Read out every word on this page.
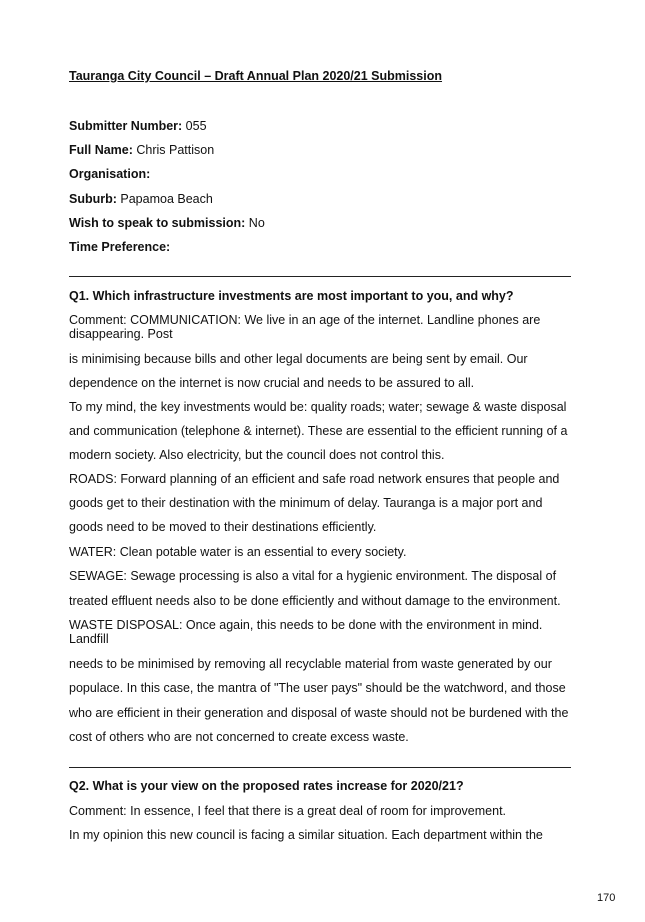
Tauranga City Council – Draft Annual Plan 2020/21 Submission
Submitter Number: 055
Full Name: Chris Pattison
Organisation:
Suburb: Papamoa Beach
Wish to speak to submission: No
Time Preference:
Q1. Which infrastructure investments are most important to you, and why?
Comment: COMMUNICATION: We live in an age of the internet. Landline phones are disappearing. Post
is minimising because bills and other legal documents are being sent by email. Our
dependence on the internet is now crucial and needs to be assured to all.
To my mind, the key investments would be: quality roads; water; sewage & waste disposal
and communication (telephone & internet). These are essential to the efficient running of a
modern society. Also electricity, but the council does not control this.
ROADS: Forward planning of an efficient and safe road network ensures that people and
goods get to their destination with the minimum of delay. Tauranga is a major port and
goods need to be moved to their destinations efficiently.
WATER: Clean potable water is an essential to every society.
SEWAGE: Sewage processing is also a vital for a hygienic environment. The disposal of
treated effluent needs also to be done efficiently and without damage to the environment.
WASTE DISPOSAL: Once again, this needs to be done with the environment in mind. Landfill
needs to be minimised by removing all recyclable material from waste generated by our
populace. In this case, the mantra of "The user pays" should be the watchword, and those
who are efficient in their generation and disposal of waste should not be burdened with the
cost of others who are not concerned to create excess waste.
Q2. What is your view on the proposed rates increase for 2020/21?
Comment: In essence, I feel that there is a great deal of room for improvement.
In my opinion this new council is facing a similar situation. Each department within the
170
